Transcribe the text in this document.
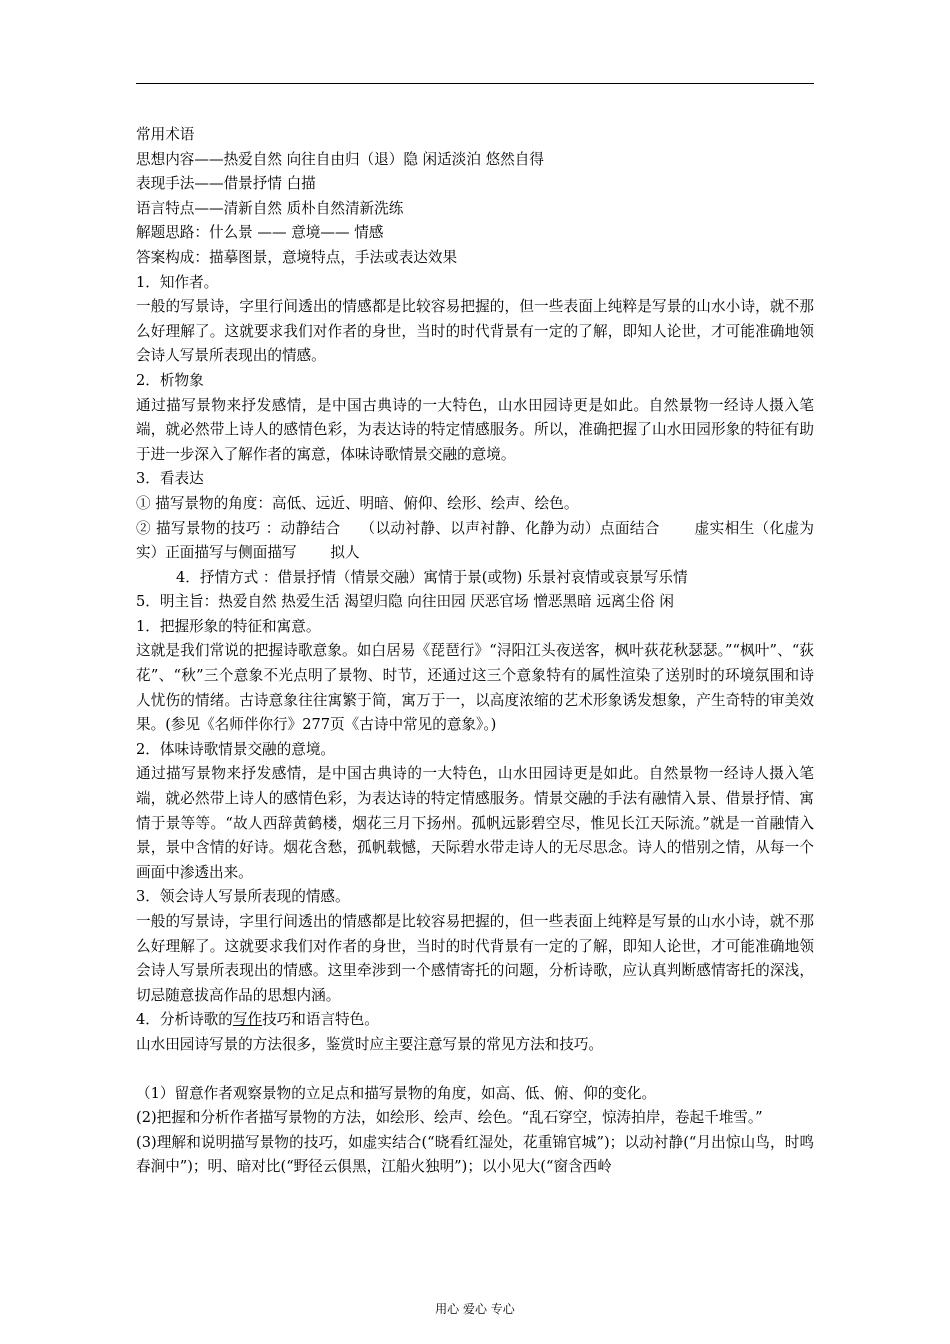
常用术语

思想内容——热爱自然 向往自由归（退）隐 闲适淡泊 悠然自得

表现手法——借景抒情 白描

语言特点——清新自然 质朴自然清新洗练

解题思路：什么景 —— 意境—— 情感

答案构成：描摹图景，意境特点，手法或表达效果

1．知作者。

一般的写景诗，字里行间透出的情感都是比较容易把握的，但一些表面上纯粹是写景的山水小诗，就不那么好理解了。这就要求我们对作者的身世，当时的时代背景有一定的了解，即知人论世，才可能准确地领会诗人写景所表现出的情感。

2．析物象

通过描写景物来抒发感情，是中国古典诗的一大特色，山水田园诗更是如此。自然景物一经诗人摄入笔端，就必然带上诗人的感情色彩，为表达诗的特定情感服务。所以，准确把握了山水田园形象的特征有助于进一步深入了解作者的寓意，体味诗歌情景交融的意境。

3．看表达

① 描写景物的角度：高低、远近、明暗、俯仰、绘形、绘声、绘色。

② 描写景物的技巧 ：动静结合　 （以动衬静、以声衬静、化静为动）点面结合　　 虚实相生（化虚为实）正面描写与侧面描写　　 拟人

4．抒情方式 ：借景抒情（情景交融）寓情于景(或物) 乐景衬哀情或哀景写乐情

5．明主旨：热爱自然 热爱生活 渴望归隐 向往田园 厌恶官场 憎恶黑暗 远离尘俗 闲

1．把握形象的特征和寓意。

这就是我们常说的把握诗歌意象。如白居易《琵琶行》“浔阳江头夜送客，枫叶荻花秋瑟瑟。”“枫叶”、“荻花”、“秋”三个意象不光点明了景物、时节，还通过这三个意象特有的属性渲染了送别时的环境氛围和诗人忧伤的情绪。古诗意象往往寓繁于简，寓万于一，以高度浓缩的艺术形象诱发想象，产生奇特的审美效果。(参见《名师伴你行》277页《古诗中常见的意象》。)

2．体味诗歌情景交融的意境。

通过描写景物来抒发感情，是中国古典诗的一大特色，山水田园诗更是如此。自然景物一经诗人摄入笔端，就必然带上诗人的感情色彩，为表达诗的特定情感服务。情景交融的手法有融情入景、借景抒情、寓情于景等等。“故人西辞黄鹤楼，烟花三月下扬州。孤帆远影碧空尽，惟见长江天际流。”就是一首融情入景，景中含情的好诗。烟花含愁，孤帆载憾，天际碧水带走诗人的无尽思念。诗人的惜别之情，从每一个画面中渗透出来。

3．领会诗人写景所表现的情感。

一般的写景诗，字里行间透出的情感都是比较容易把握的，但一些表面上纯粹是写景的山水小诗，就不那么好理解了。这就要求我们对作者的身世，当时的时代背景有一定的了解，即知人论世，才可能准确地领会诗人写景所表现出的情感。这里牵涉到一个感情寄托的问题，分析诗歌，应认真判断感情寄托的深浅，切忌随意拔高作品的思想内涵。

4．分析诗歌的写作技巧和语言特色。

山水田园诗写景的方法很多，鉴赏时应主要注意写景的常见方法和技巧。

（1）留意作者观察景物的立足点和描写景物的角度，如高、低、俯、仰的变化。

(2)把握和分析作者描写景物的方法，如绘形、绘声、绘色。“乱石穿空，惊涛拍岸，卷起千堆雪。”

(3)理解和说明描写景物的技巧，如虚实结合(“晓看红湿处，花重锦官城”)；以动衬静(“月出惊山鸟，时鸣春涧中”)；明、暗对比(“野径云俱黑，江船火独明”)；以小见大(“窗含西岭

用心 爱心 专心
